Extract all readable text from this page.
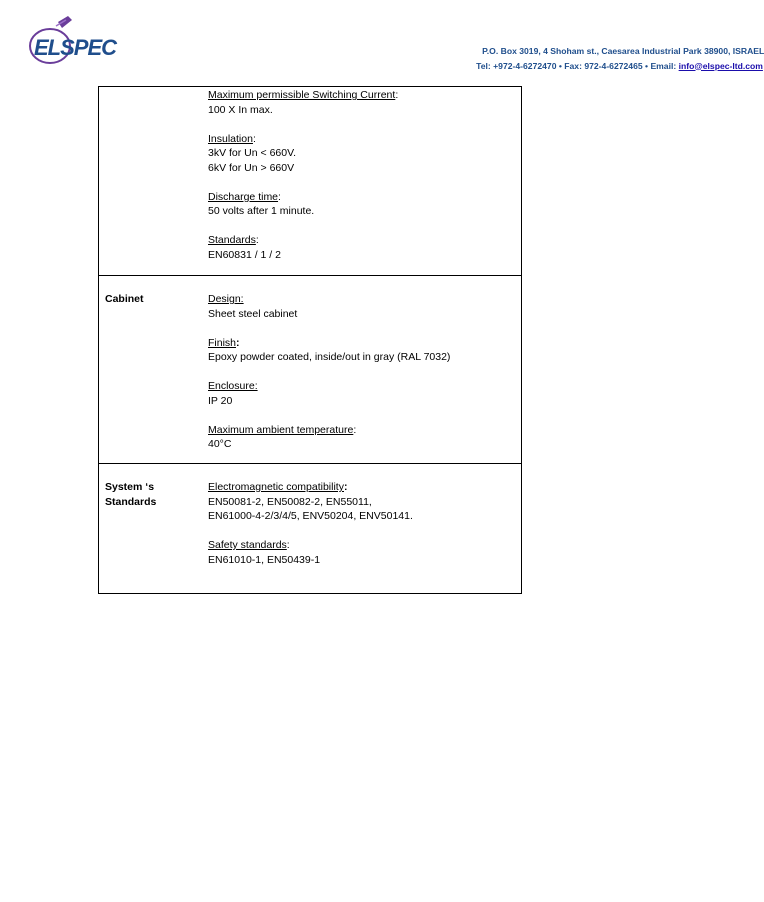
ELSPEC	P.O. Box 3019, 4 Shoham st., Caesarea Industrial Park 38900, ISRAEL
Tel: +972-4-6272470 • Fax: 972-4-6272465 • Email: info@elspec-ltd.com
Maximum permissible Switching Current:
100 X In max.
Insulation:
3kV for Un < 660V.
6kV for Un > 660V
Discharge time:
50 volts after 1 minute.
Standards:
EN60831 / 1 / 2
Cabinet	Design:
Sheet steel cabinet
Finish:
Epoxy powder coated, inside/out in gray (RAL 7032)
Enclosure:
IP 20
Maximum ambient temperature:
40°C
System ‘s
Standards
Electromagnetic compatibility:
EN50081-2, EN50082-2, EN55011,
EN61000-4-2/3/4/5, ENV50204, ENV50141.
Safety standards:
EN61010-1, EN50439-1
